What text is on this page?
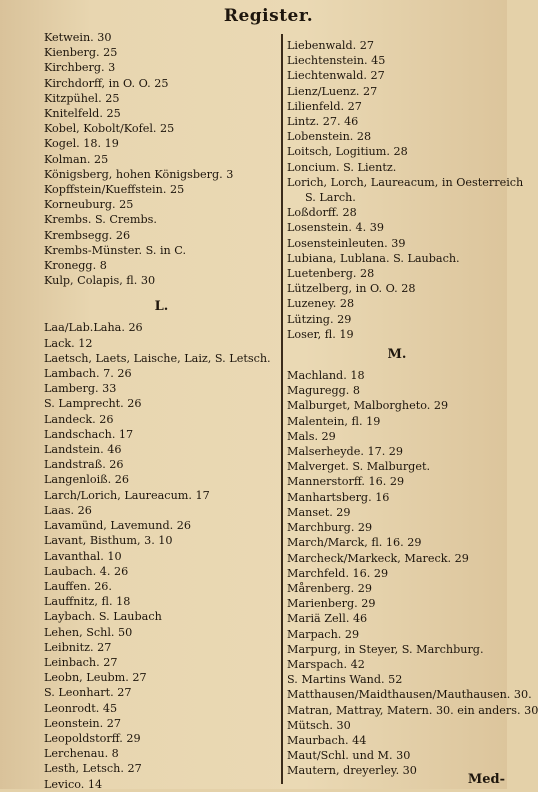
Register.
Ketwein. 30
Kienberg. 25
Kirchberg. 3
Kirchdorff, in O. O. 25
Kitzpühel. 25
Knitelfeld. 25
Kobel, Kobolt/Kofel. 25
Kogel. 18. 19
Kolman. 25
Königsberg, hohen Königsberg. 3
Kopffstein/Kueffstein. 25
Korneuburg. 25
Krembs. S. Crembs.
Krembsegg. 26
Krembs-Münster. S. in C.
Kronegg. 8
Kulp, Colapis, fl. 30
L.
Laa/Lab.Laha. 26
Lack. 12
Laetsch, Laets, Laische, Laiz, S. Letsch.
Lambach. 7. 26
Lamberg. 33
S. Lamprecht. 26
Landeck. 26
Landschach. 17
Landstein. 46
Landstraß. 26
Langenloiß. 26
Larch/Lorich, Laureacum. 17
Laas. 26
Lavamünd, Lavemund. 26
Lavant, Bisthum, 3. 10
Lavanthal. 10
Laubach. 4. 26
Lauffen. 26.
Lauffnitz, fl. 18
Laybach. S. Laubach
Lehen, Schl. 50
Leibnitz. 27
Leinbach. 27
Leobn, Leubm. 27
S. Leonhart. 27
Leonrodt. 45
Leonstein. 27
Leopoldstorff. 29
Lerchenau. 8
Lesth, Letsch. 27
Levico. 14
Liebenwald. 27
Liechtenstein. 45
Liechtenwald. 27
Lienz/Luenz. 27
Lilienfeld. 27
Lintz. 27. 46
Lobenstein. 28
Loitsch, Logitium. 28
Loncium. S. Lientz.
Lorich, Lorch, Laureacum, in Oesterreich
S. Larch.
Loßdorff. 28
Losenstein. 4. 39
Losensteinleuten. 39
Lubiana, Lublana. S. Laubach.
Luetenberg. 28
Lützelberg, in O. O. 28
Luzeney. 28
Lützing. 29
Loser, fl. 19
M.
Machland. 18
Maguregg. 8
Malburget, Malborgheto. 29
Malentein, fl. 19
Mals. 29
Malserheyde. 17. 29
Malverget. S. Malburget.
Mannerstorff. 16. 29
Manhartsberg. 16
Manset. 29
Marchburg. 29
March/Marck, fl. 16. 29
Marcheck/Markeck, Mareck. 29
Marchfeld. 16. 29
Mårenberg. 29
Marienberg. 29
Mariä Zell. 46
Marpach. 29
Marpurg, in Steyer, S. Marchburg.
Marspach. 42
S. Martins Wand. 52
Matthausen/Maidthausen/Mauthausen. 30.
Matran, Mattray, Matern. 30. ein anders. 30
Mütsch. 30
Maurbach. 44
Maut/Schl. und M. 30
Mautern, dreyerley. 30
Med-
